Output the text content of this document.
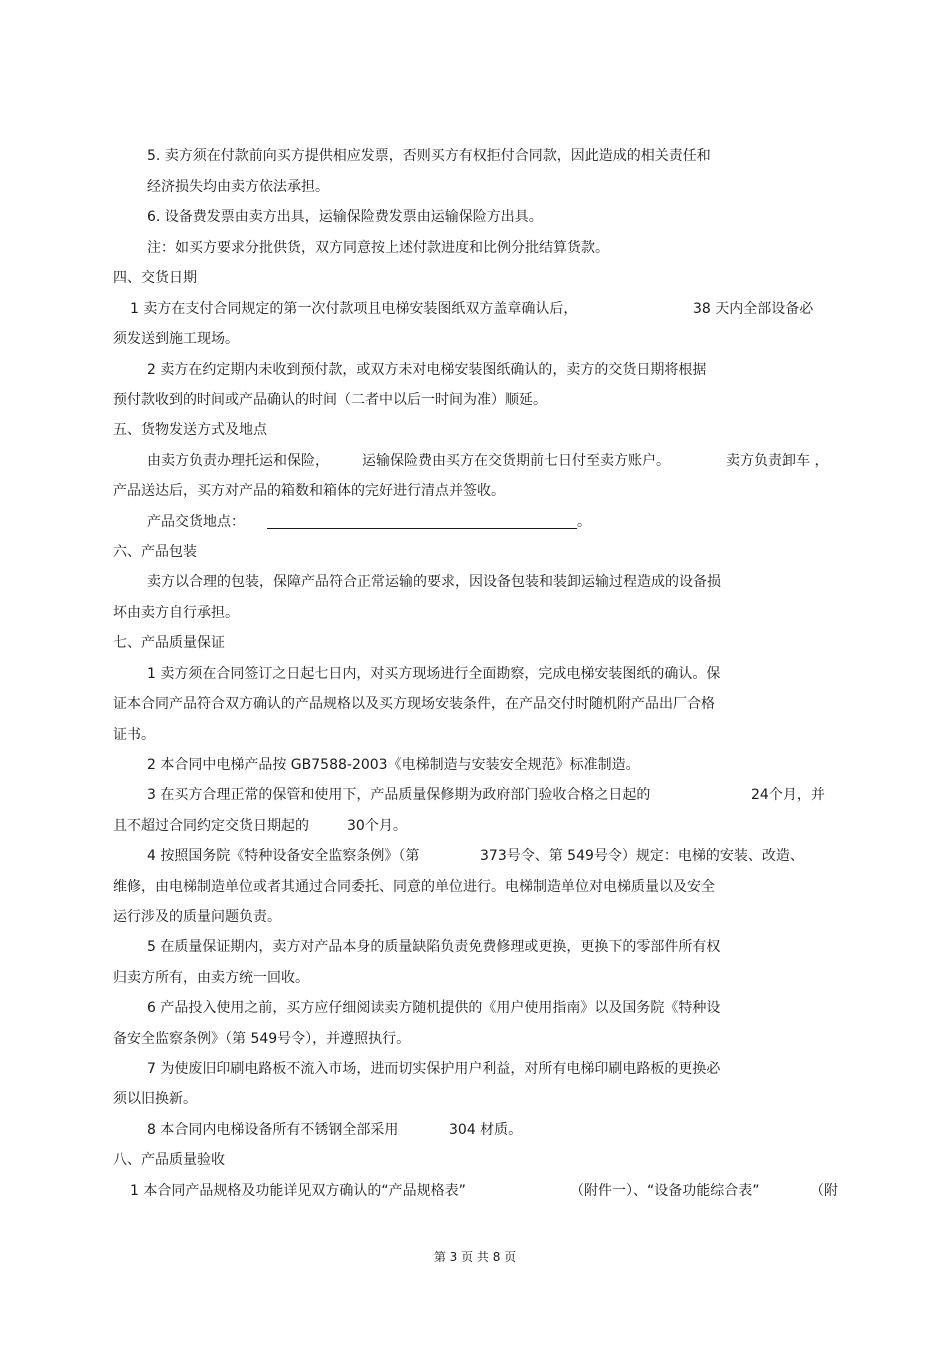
5. 卖方须在付款前向买方提供相应发票，否则买方有权拒付合同款，因此造成的相关责任和
经济损失均由卖方依法承担。
6. 设备费发票由卖方出具，运输保险费发票由运输保险方出具。
注：如买方要求分批供货，双方同意按上述付款进度和比例分批结算货款。
四、交货日期
1 卖方在支付合同规定的第一次付款项且电梯安装图纸双方盖章确认后，	38 天内全部设备必
须发送到施工现场。
2 卖方在约定期内未收到预付款，或双方未对电梯安装图纸确认的，卖方的交货日期将根据
预付款收到的时间或产品确认的时间（二者中以后一时间为准）顺延。
五、货物发送方式及地点
由卖方负责办理托运和保险， 运输保险费由买方在交货期前七日付至卖方账户。	卖方负责卸车 ，
产品送达后，买方对产品的箱数和箱体的完好进行清点并签收。
产品交货地点：	。
六、产品包装
卖方以合理的包装，保障产品符合正常运输的要求，因设备包装和装卸运输过程造成的设备损
坏由卖方自行承担。
七、产品质量保证
1 卖方须在合同签订之日起七日内，对买方现场进行全面勘察，完成电梯安装图纸的确认。保
证本合同产品符合双方确认的产品规格以及买方现场安装条件，在产品交付时随机附产品出厂合格
证书。
2 本合同中电梯产品按 GB7588-2003《电梯制造与安装安全规范》标准制造。
3 在买方合理正常的保管和使用下，产品质量保修期为政府部门验收合格之日起的	24个月，并
且不超过合同约定交货日期起的	30个月。
4 按照国务院《特种设备安全监察条例》（第	373号令、第 549号令）规定：电梯的安装、改造、
维修，由电梯制造单位或者其通过合同委托、同意的单位进行。电梯制造单位对电梯质量以及安全
运行涉及的质量问题负责。
5 在质量保证期内，卖方对产品本身的质量缺陷负责免费修理或更换，更换下的零部件所有权
归卖方所有，由卖方统一回收。
6 产品投入使用之前，买方应仔细阅读卖方随机提供的《用户使用指南》以及国务院《特种设
备安全监察条例》（第 549号令），并遵照执行。
7 为使废旧印刷电路板不流入市场，进而切实保护用户利益，对所有电梯印刷电路板的更换必
须以旧换新。
8 本合同内电梯设备所有不锈钢全部采用	304 材质。
八、产品质量验收
1 本合同产品规格及功能详见双方确认的“产品规格表”	（附件一）、“设备功能综合表”	（附
第 3 页 共 8 页
